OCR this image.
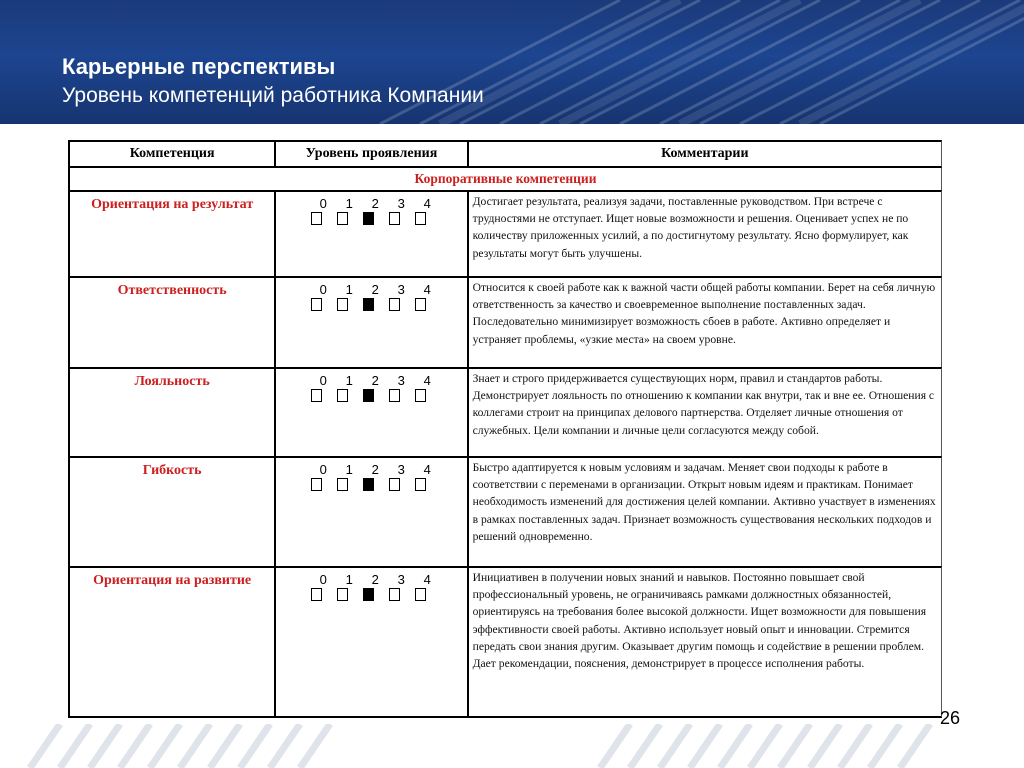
Карьерные перспективы
Уровень компетенций работника Компании
Компетенция	Уровень проявления	Комментарии
Корпоративные компетенции
Ориентация на результат	0	1	2	3	4	Достигает результата, реализуя задачи, поставленные руководством. При встрече с трудностями не отступает. Ищет новые возможности и решения. Оценивает успех не по количеству приложенных усилий, а по достигнутому результату. Ясно формулирует, как результаты могут быть улучшены.
Ответственность	0	1	2	3	4	Относится к своей работе как к важной части общей работы компании. Берет на себя личную ответственность за качество и своевременное выполнение поставленных задач. Последовательно минимизирует возможность сбоев в работе. Активно определяет и устраняет проблемы, «узкие места» на своем уровне.
Лояльность	0	1	2	3	4	Знает и строго придерживается существующих норм, правил и стандартов работы. Демонстрирует лояльность по отношению к компании как внутри, так и вне ее. Отношения с коллегами строит на принципах делового партнерства. Отделяет личные отношения от служебных. Цели компании и личные цели согласуются между собой.
Гибкость	0	1	2	3	4	Быстро адаптируется к новым условиям и задачам. Меняет свои подходы к работе в соответствии с переменами в организации. Открыт новым идеям и практикам. Понимает необходимость изменений для достижения целей компании. Активно участвует в изменениях в рамках поставленных задач. Признает возможность существования нескольких подходов и решений одновременно.
Ориентация на развитие	0	1	2	3	4	Инициативен в получении новых знаний и навыков. Постоянно повышает свой профессиональный уровень, не ограничиваясь рамками должностных обязанностей, ориентируясь на требования более высокой должности. Ищет возможности для повышения эффективности своей работы. Активно использует новый опыт и инновации. Стремится передать свои знания другим. Оказывает другим помощь и содействие в решении проблем. Дает рекомендации, пояснения, демонстрирует в процессе исполнения работы.
26
